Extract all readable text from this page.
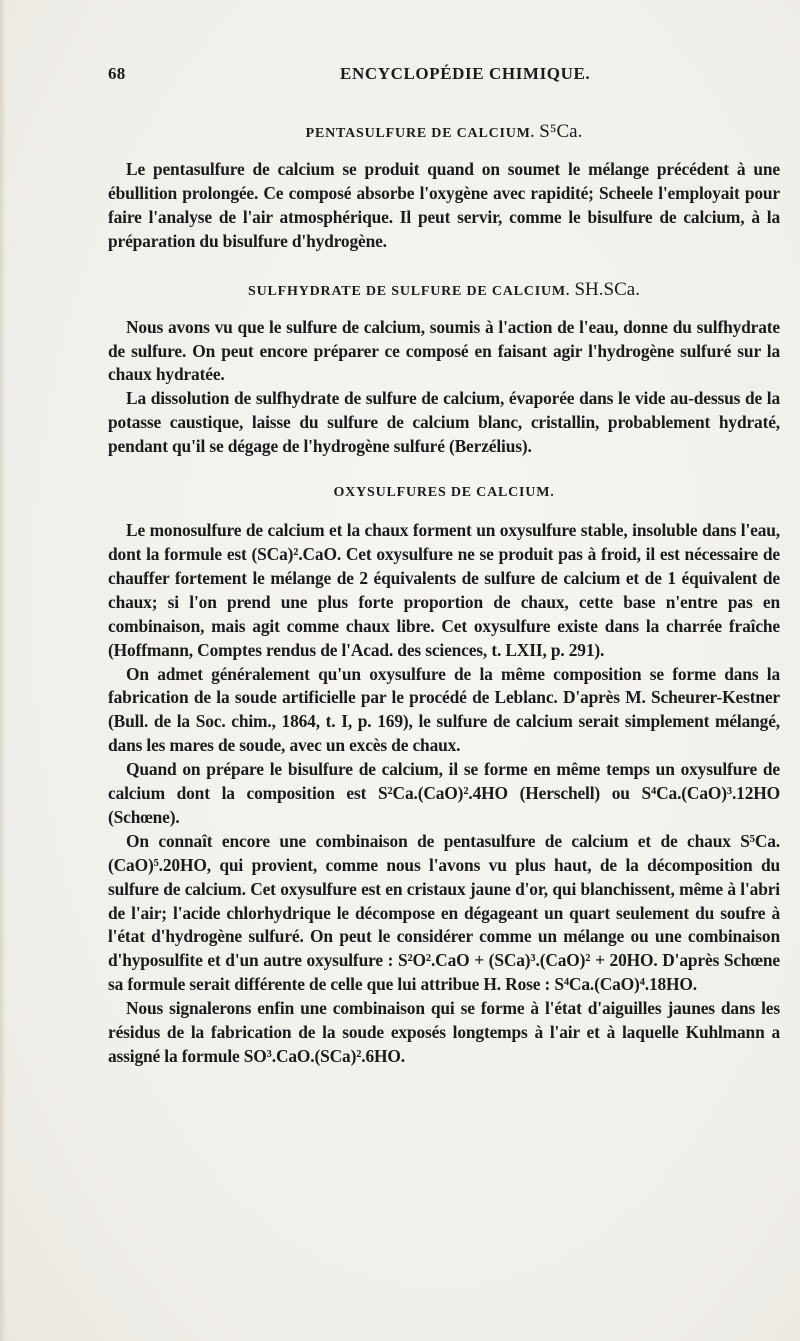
68	ENCYCLOPÉDIE CHIMIQUE.
PENTASULFURE DE CALCIUM. S⁵Ca.

Le pentasulfure de calcium se produit quand on soumet le mélange précédent à une ébullition prolongée. Ce composé absorbe l'oxygène avec rapidité; Scheele l'employait pour faire l'analyse de l'air atmosphérique. Il peut servir, comme le bisulfure de calcium, à la préparation du bisulfure d'hydrogène.

SULFHYDRATE DE SULFURE DE CALCIUM. SH.SCa.

Nous avons vu que le sulfure de calcium, soumis à l'action de l'eau, donne du sulfhydrate de sulfure. On peut encore préparer ce composé en faisant agir l'hydrogène sulfuré sur la chaux hydratée.

La dissolution de sulfhydrate de sulfure de calcium, évaporée dans le vide au-dessus de la potasse caustique, laisse du sulfure de calcium blanc, cristallin, probablement hydraté, pendant qu'il se dégage de l'hydrogène sulfuré (Berzélius).

OXYSULFURES DE CALCIUM.

Le monosulfure de calcium et la chaux forment un oxysulfure stable, insoluble dans l'eau, dont la formule est (SCa)².CaO. Cet oxysulfure ne se produit pas à froid, il est nécessaire de chauffer fortement le mélange de 2 équivalents de sulfure de calcium et de 1 équivalent de chaux; si l'on prend une plus forte proportion de chaux, cette base n'entre pas en combinaison, mais agit comme chaux libre. Cet oxysulfure existe dans la charrée fraîche (Hoffmann, Comptes rendus de l'Acad. des sciences, t. LXII, p. 291).

On admet généralement qu'un oxysulfure de la même composition se forme dans la fabrication de la soude artificielle par le procédé de Leblanc. D'après M. Scheurer-Kestner (Bull. de la Soc. chim., 1864, t. I, p. 169), le sulfure de calcium serait simplement mélangé, dans les mares de soude, avec un excès de chaux.

Quand on prépare le bisulfure de calcium, il se forme en même temps un oxysulfure de calcium dont la composition est S²Ca.(CaO)².4HO (Herschell) ou S⁴Ca.(CaO)³.12HO (Schœne).

On connaît encore une combinaison de pentasulfure de calcium et de chaux S⁵Ca.(CaO)⁵.20HO, qui provient, comme nous l'avons vu plus haut, de la décomposition du sulfure de calcium. Cet oxysulfure est en cristaux jaune d'or, qui blanchissent, même à l'abri de l'air; l'acide chlorhydrique le décompose en dégageant un quart seulement du soufre à l'état d'hydrogène sulfuré. On peut le considérer comme un mélange ou une combinaison d'hyposulfite et d'un autre oxysulfure : S²O².CaO + (SCa)³.(CaO)² + 20HO. D'après Schœne sa formule serait différente de celle que lui attribue H. Rose : S⁴Ca.(CaO)⁴.18HO.

Nous signalerons enfin une combinaison qui se forme à l'état d'aiguilles jaunes dans les résidus de la fabrication de la soude exposés longtemps à l'air et à laquelle Kuhlmann a assigné la formule SO³.CaO.(SCa)².6HO.
